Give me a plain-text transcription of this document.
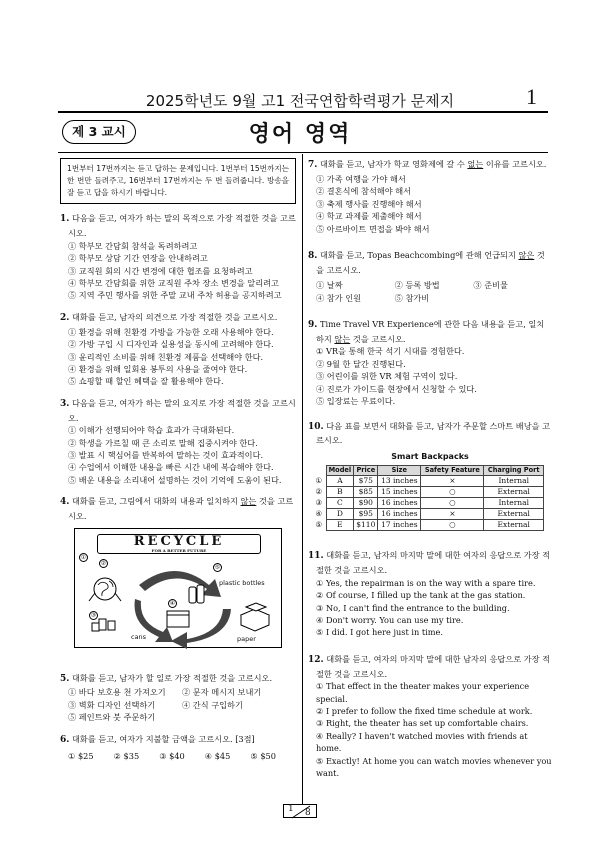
2025학년도 9월 고1 전국연합학력평가 문제지	1
제 3 교시	영어 영역
1번부터 17번까지는 듣고 답하는 문제입니다. 1번부터 15번까지는 한 번만 들려주고, 16번부터 17번까지는 두 번 들려줍니다. 방송을 잘 듣고 답을 하시기 바랍니다.
1. 다음을 듣고, 여자가 하는 말의 목적으로 가장 적절한 것을 고르시오.
① 학부모 간담회 참석을 독려하려고
② 학부모 상담 기간 연장을 안내하려고
③ 교직원 회의 시간 변경에 대한 협조를 요청하려고
④ 학부모 간담회를 위한 교직원 주차 장소 변경을 알리려고
⑤ 지역 주민 행사를 위한 주말 교내 주차 허용을 공지하려고
2. 대화를 듣고, 남자의 의견으로 가장 적절한 것을 고르시오.
① 환경을 위해 친환경 가방을 가능한 오래 사용해야 한다.
② 가방 구입 시 디자인과 실용성을 동시에 고려해야 한다.
③ 윤리적인 소비를 위해 친환경 제품을 선택해야 한다.
④ 환경을 위해 일회용 봉투의 사용을 줄여야 한다.
⑤ 쇼핑할 때 할인 혜택을 잘 활용해야 한다.
3. 다음을 듣고, 여자가 하는 말의 요지로 가장 적절한 것을 고르시오.
① 이해가 선행되어야 학습 효과가 극대화된다.
② 학생을 가르칠 때 큰 소리로 말해 집중시켜야 한다.
③ 발표 시 핵심어를 반복하여 말하는 것이 효과적이다.
④ 수업에서 이해한 내용을 빠른 시간 내에 복습해야 한다.
⑤ 배운 내용을 소리내어 설명하는 것이 기억에 도움이 된다.
4. 대화를 듣고, 그림에서 대화의 내용과 일치하지 않는 것을 고르시오.
RECYCLE
FOR A BETTER FUTURE
①
②
③
④
⑤
plastic bottles
cans	paper
5. 대화를 듣고, 남자가 할 일로 가장 적절한 것을 고르시오.
① 바다 보호용 천 가져오기	② 문자 메시지 보내기
③ 벽화 디자인 선택하기	④ 간식 구입하기
⑤ 페인트와 붓 주문하기
6. 대화를 듣고, 여자가 지불할 금액을 고르시오. [3점]
① $25	② $35	③ $40	④ $45	⑤ $50
7. 대화를 듣고, 남자가 학교 영화제에 갈 수 없는 이유를 고르시오.
① 가족 여행을 가야 해서
② 결혼식에 참석해야 해서
③ 축제 행사를 진행해야 해서
④ 학교 과제를 제출해야 해서
⑤ 아르바이트 면접을 봐야 해서
8. 대화를 듣고, Topas Beachcombing에 관해 언급되지 않은 것을 고르시오.
① 날짜	② 등록 방법	③ 준비물
④ 참가 인원	⑤ 참가비
9. Time Travel VR Experience에 관한 다음 내용을 듣고, 일치하지 않는 것을 고르시오.
① VR을 통해 한국 석기 시대를 경험한다.
② 9월 한 달간 진행된다.
③ 어린이를 위한 VR 체험 구역이 있다.
④ 진로가 가이드를 현장에서 신청할 수 있다.
⑤ 입장료는 무료이다.
10. 다음 표를 보면서 대화를 듣고, 남자가 주문할 스마트 배낭을 고르시오.
Smart Backpacks
	Model	Price	Size	Safety Feature	Charging Port
①	A	$75	13 inches	×	Internal
②	B	$85	15 inches	○	External
③	C	$90	16 inches	○	Internal
④	D	$95	16 inches	×	External
⑤	E	$110	17 inches	○	External
11. 대화를 듣고, 남자의 마지막 말에 대한 여자의 응답으로 가장 적절한 것을 고르시오.
① Yes, the repairman is on the way with a spare tire.
② Of course, I filled up the tank at the gas station.
③ No, I can't find the entrance to the building.
④ Don't worry. You can use my tire.
⑤ I did. I got here just in time.
12. 대화를 듣고, 여자의 마지막 말에 대한 남자의 응답으로 가장 적절한 것을 고르시오.
① That effect in the theater makes your experience special.
② I prefer to follow the fixed time schedule at work.
③ Right, the theater has set up comfortable chairs.
④ Really? I haven't watched movies with friends at home.
⑤ Exactly! At home you can watch movies whenever you want.
1 8
